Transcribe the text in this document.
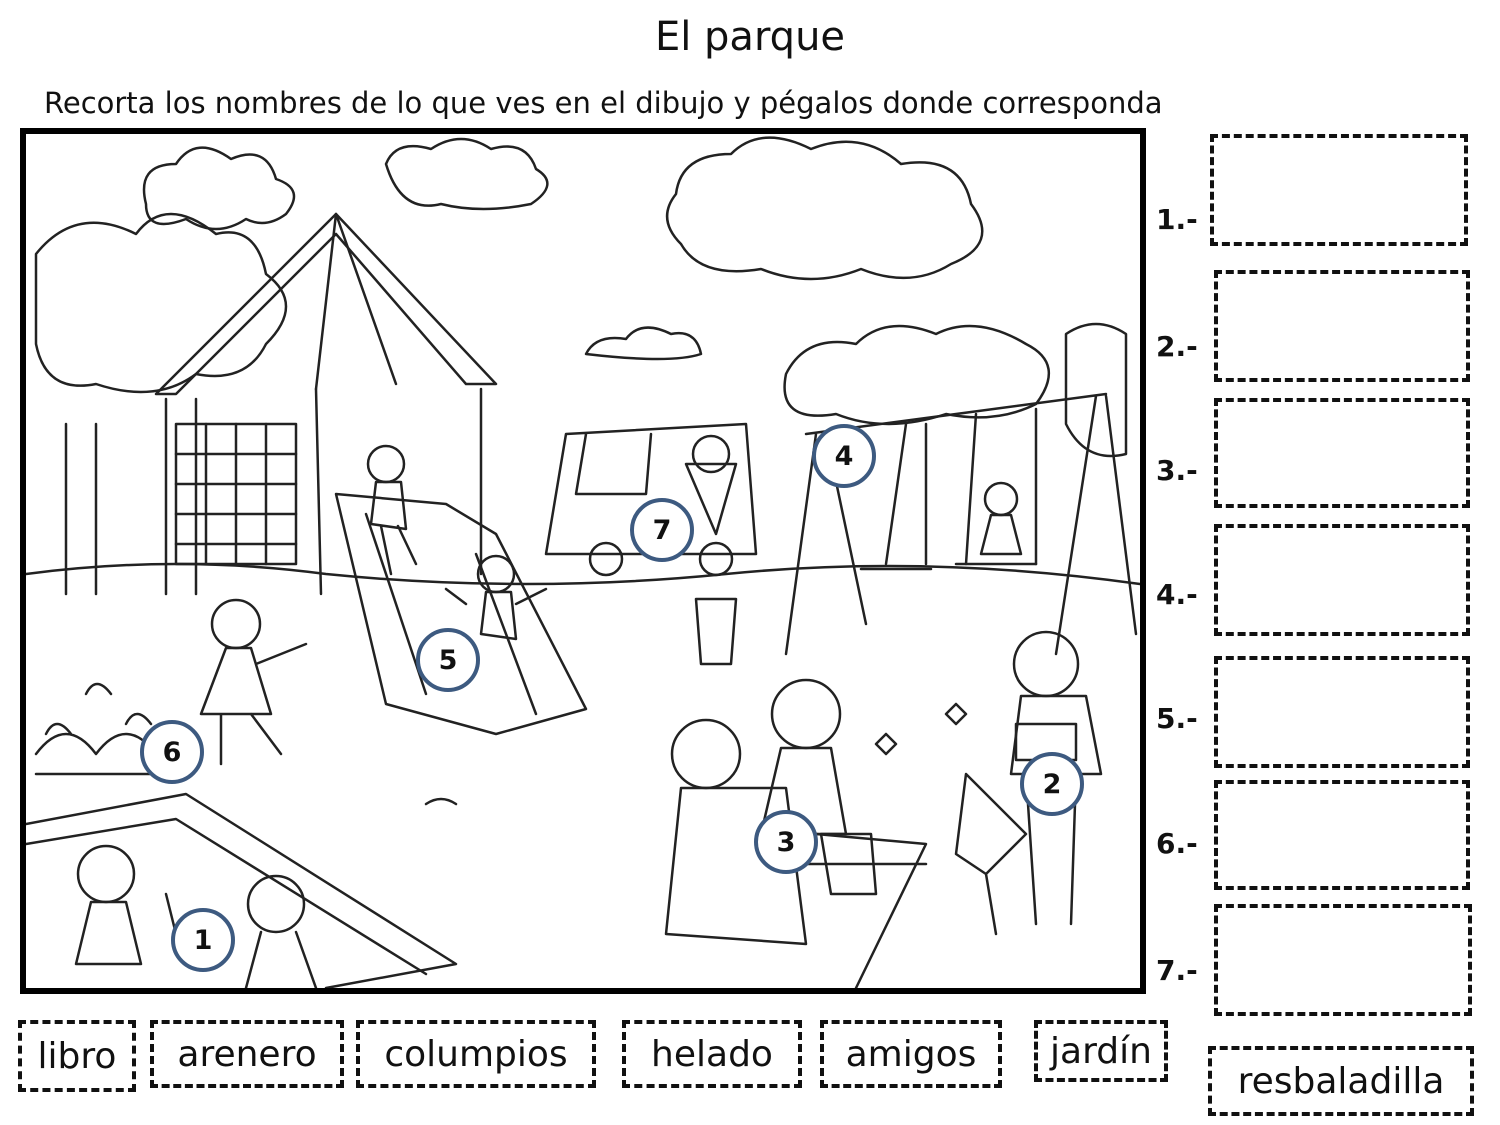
El parque
Recorta los nombres de lo que ves en el dibujo y pégalos donde corresponda
1
2
3
4
5
6
7
1.-
2.-
3.-
4.-
5.-
6.-
7.-
libro	arenero	columpios	helado	amigos	jardín
resbaladilla
